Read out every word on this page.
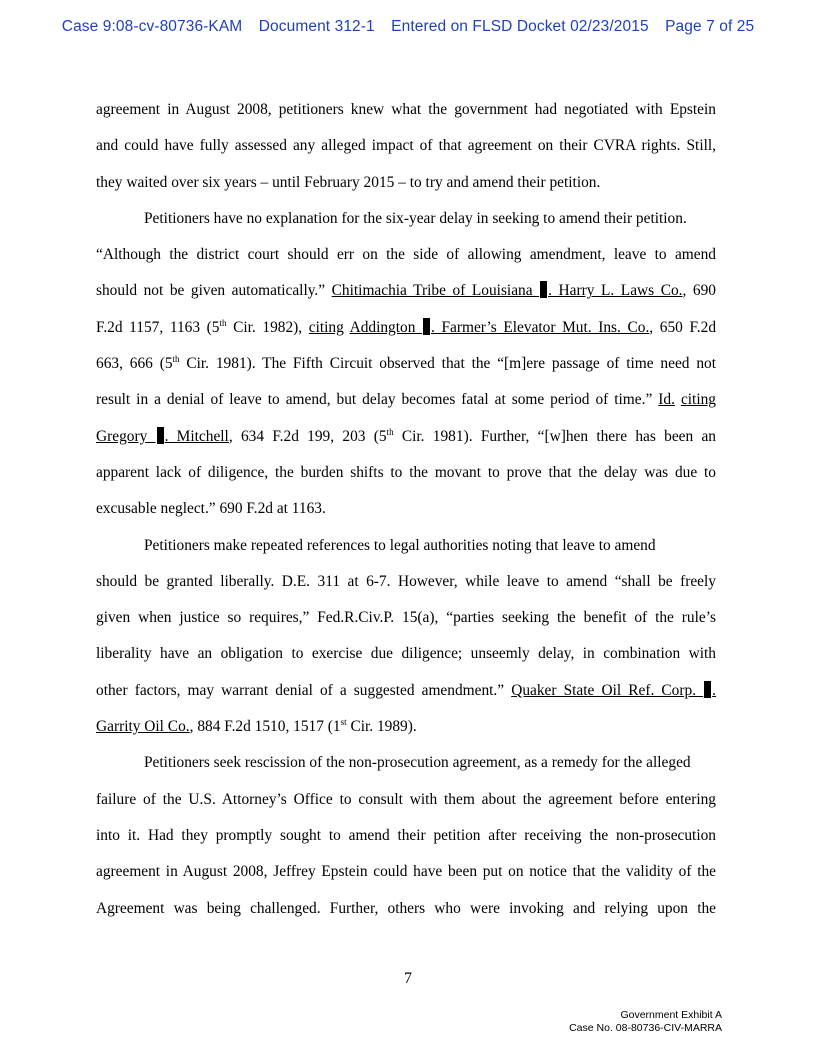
Case 9:08-cv-80736-KAM Document 312-1 Entered on FLSD Docket 02/23/2015 Page 7 of 25

agreement in August 2008, petitioners knew what the government had negotiated with Epstein
and could have fully assessed any alleged impact of that agreement on their CVRA rights. Still,
they waited over six years – until February 2015 – to try and amend their petition.

Petitioners have no explanation for the six-year delay in seeking to amend their petition.
“Although the district court should err on the side of allowing amendment, leave to amend
should not be given automatically.” Chitimachia Tribe of Louisiana . Harry L. Laws Co., 690
F.2d 1157, 1163 (5th Cir. 1982), citing Addington . Farmer’s Elevator Mut. Ins. Co., 650 F.2d
663, 666 (5th Cir. 1981). The Fifth Circuit observed that the “[m]ere passage of time need not
result in a denial of leave to amend, but delay becomes fatal at some period of time.” Id. citing
Gregory . Mitchell, 634 F.2d 199, 203 (5th Cir. 1981). Further, “[w]hen there has been an
apparent lack of diligence, the burden shifts to the movant to prove that the delay was due to
excusable neglect.” 690 F.2d at 1163.

Petitioners make repeated references to legal authorities noting that leave to amend
should be granted liberally. D.E. 311 at 6-7. However, while leave to amend “shall be freely
given when justice so requires,” Fed.R.Civ.P. 15(a), “parties seeking the benefit of the rule’s
liberality have an obligation to exercise due diligence; unseemly delay, in combination with
other factors, may warrant denial of a suggested amendment.” Quaker State Oil Ref. Corp. .
Garrity Oil Co., 884 F.2d 1510, 1517 (1st Cir. 1989).

Petitioners seek rescission of the non-prosecution agreement, as a remedy for the alleged
failure of the U.S. Attorney’s Office to consult with them about the agreement before entering
into it. Had they promptly sought to amend their petition after receiving the non-prosecution
agreement in August 2008, Jeffrey Epstein could have been put on notice that the validity of the
Agreement was being challenged. Further, others who were invoking and relying upon the

7
Government Exhibit A
Case No. 08-80736-CIV-MARRA
